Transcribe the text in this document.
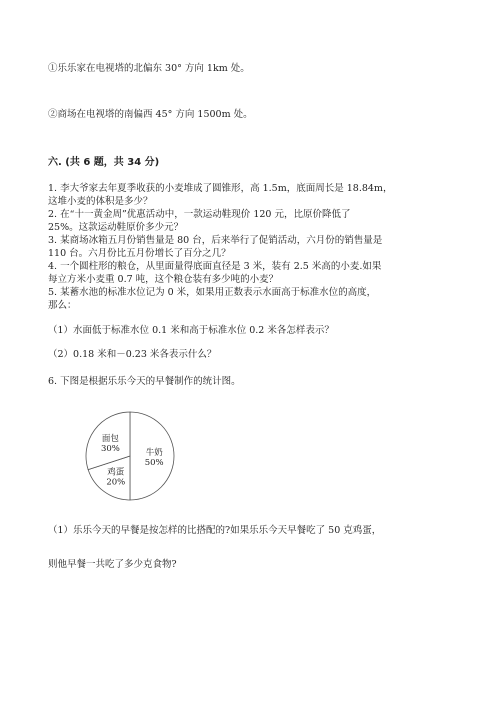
①乐乐家在电视塔的北偏东 30° 方向 1km 处。
②商场在电视塔的南偏西 45° 方向 1500m 处。
六. (共 6 题，共 34 分)
1. 李大爷家去年夏季收获的小麦堆成了圆锥形，高 1.5m，底面周长是 18.84m，
这堆小麦的体积是多少？
2. 在“十一黄金周”优惠活动中，一款运动鞋现价 120 元，比原价降低了
25%。这款运动鞋原价多少元？
3. 某商场冰箱五月份销售量是 80 台，后来举行了促销活动，六月份的销售量是
110 台。六月份比五月份增长了百分之几？
4. 一个圆柱形的粮仓，从里面量得底面直径是 3 米，装有 2.5 米高的小麦.如果
每立方米小麦重 0.7 吨，这个粮仓装有多少吨的小麦？
5. 某蓄水池的标准水位记为 0 米，如果用正数表示水面高于标准水位的高度，
那么：
（1）水面低于标准水位 0.1 米和高于标准水位 0.2 米各怎样表示？
（2）0.18 米和－0.23 米各表示什么？
6. 下图是根据乐乐今天的早餐制作的统计图。
牛奶
50%
鸡蛋
20%
面包
30%
（1）乐乐今天的早餐是按怎样的比搭配的?如果乐乐今天早餐吃了 50 克鸡蛋，
则他早餐一共吃了多少克食物?
